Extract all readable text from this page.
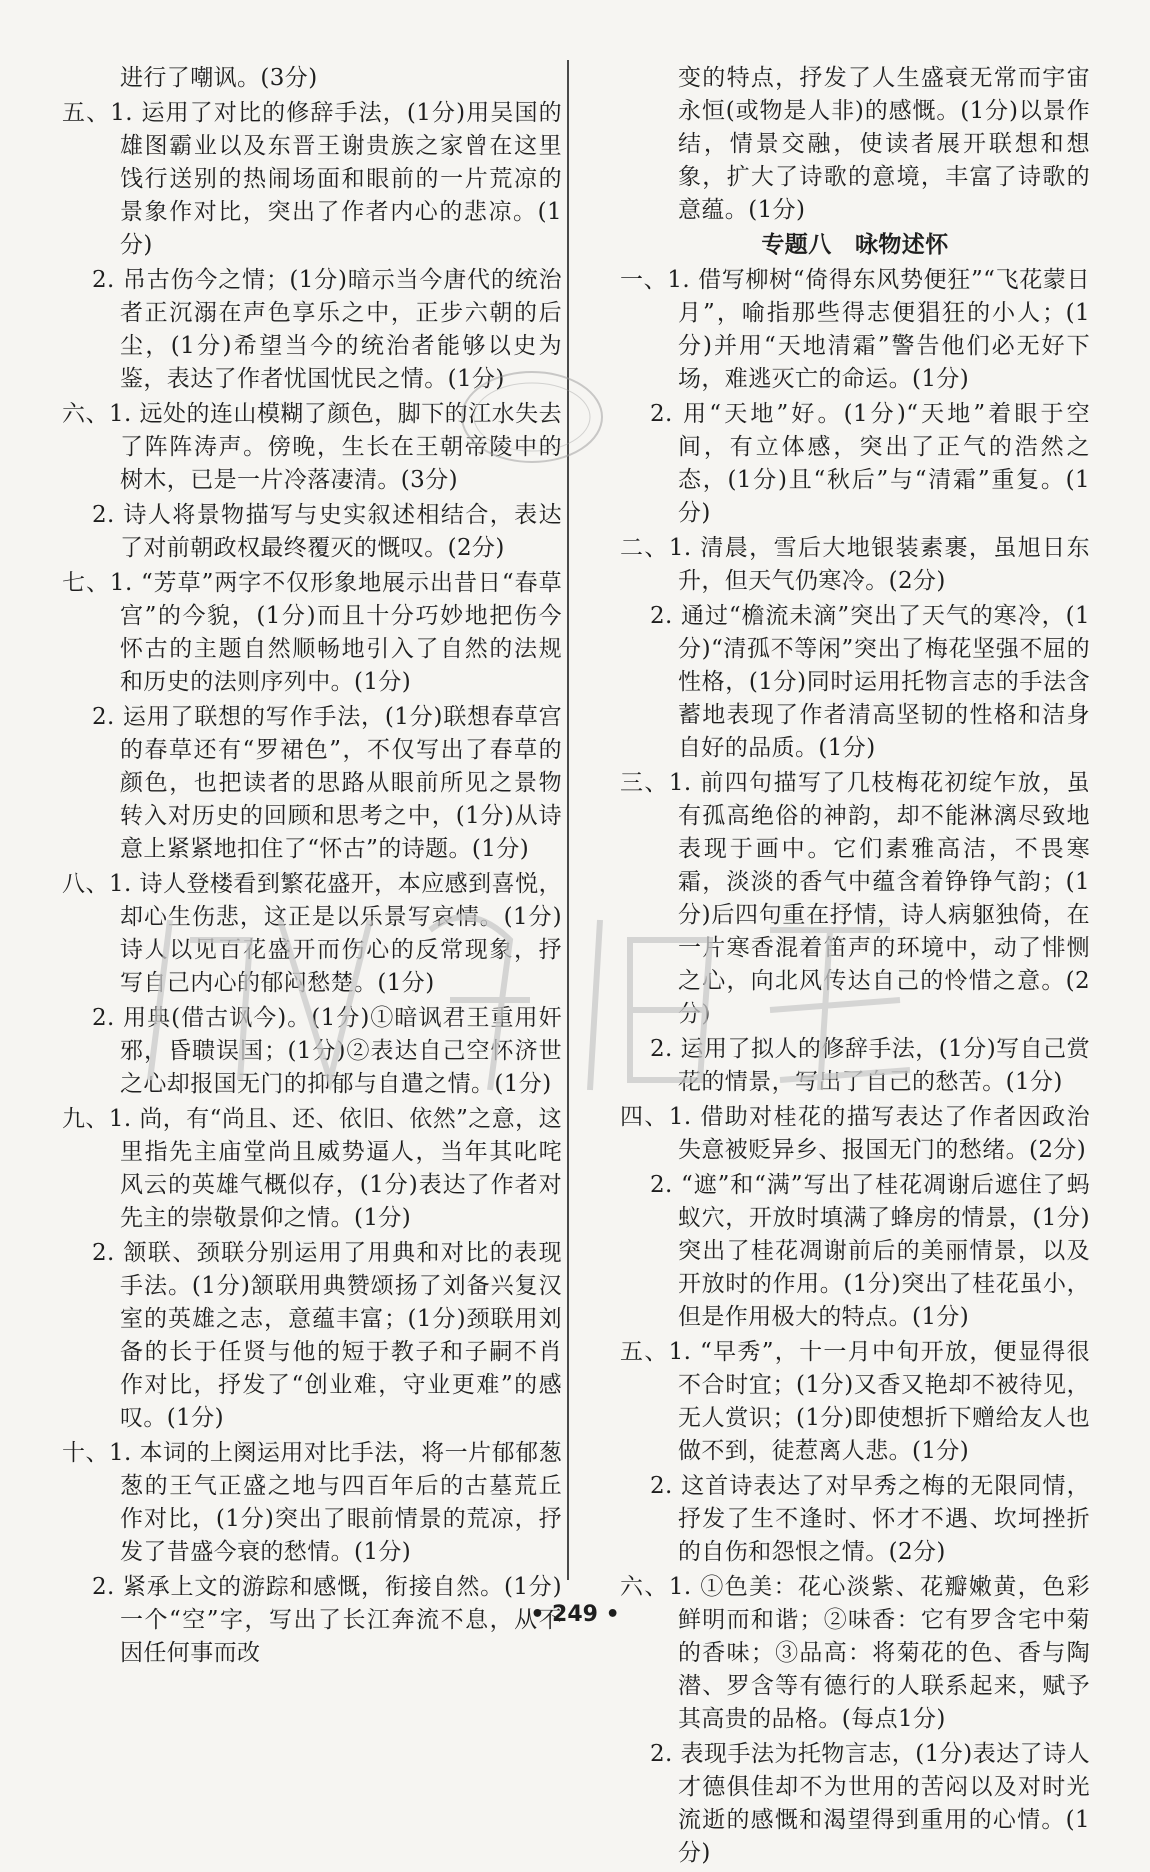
进行了嘲讽。(3分)
五、1. 运用了对比的修辞手法，(1分)用吴国的雄图霸业以及东晋王谢贵族之家曾在这里饯行送别的热闹场面和眼前的一片荒凉的景象作对比，突出了作者内心的悲凉。(1分)
2. 吊古伤今之情；(1分)暗示当今唐代的统治者正沉溺在声色享乐之中，正步六朝的后尘，(1分)希望当今的统治者能够以史为鉴，表达了作者忧国忧民之情。(1分)
六、1. 远处的连山模糊了颜色，脚下的江水失去了阵阵涛声。傍晚，生长在王朝帝陵中的树木，已是一片冷落凄清。(3分)
2. 诗人将景物描写与史实叙述相结合，表达了对前朝政权最终覆灭的慨叹。(2分)
七、1. “芳草”两字不仅形象地展示出昔日“春草宫”的今貌，(1分)而且十分巧妙地把伤今怀古的主题自然顺畅地引入了自然的法规和历史的法则序列中。(1分)
2. 运用了联想的写作手法，(1分)联想春草宫的春草还有“罗裙色”，不仅写出了春草的颜色，也把读者的思路从眼前所见之景物转入对历史的回顾和思考之中，(1分)从诗意上紧紧地扣住了“怀古”的诗题。(1分)
八、1. 诗人登楼看到繁花盛开，本应感到喜悦，却心生伤悲，这正是以乐景写哀情。(1分)诗人以见百花盛开而伤心的反常现象，抒写自己内心的郁闷愁楚。(1分)
2. 用典(借古讽今)。(1分)①暗讽君王重用奸邪，昏聩误国；(1分)②表达自己空怀济世之心却报国无门的抑郁与自遣之情。(1分)
九、1. 尚，有“尚且、还、依旧、依然”之意，这里指先主庙堂尚且威势逼人，当年其叱咤风云的英雄气概似存，(1分)表达了作者对先主的崇敬景仰之情。(1分)
2. 颔联、颈联分别运用了用典和对比的表现手法。(1分)颔联用典赞颂扬了刘备兴复汉室的英雄之志，意蕴丰富；(1分)颈联用刘备的长于任贤与他的短于教子和子嗣不肖作对比，抒发了“创业难，守业更难”的感叹。(1分)
十、1. 本词的上阕运用对比手法，将一片郁郁葱葱的王气正盛之地与四百年后的古墓荒丘作对比，(1分)突出了眼前情景的荒凉，抒发了昔盛今衰的愁情。(1分)
2. 紧承上文的游踪和感慨，衔接自然。(1分)一个“空”字，写出了长江奔流不息，从不因任何事而改
变的特点，抒发了人生盛衰无常而宇宙永恒(或物是人非)的感慨。(1分)以景作结，情景交融，使读者展开联想和想象，扩大了诗歌的意境，丰富了诗歌的意蕴。(1分)
专题八　咏物述怀
一、1. 借写柳树“倚得东风势便狂”“飞花蒙日月”，喻指那些得志便猖狂的小人；(1分)并用“天地清霜”警告他们必无好下场，难逃灭亡的命运。(1分)
2. 用“天地”好。(1分)“天地”着眼于空间，有立体感，突出了正气的浩然之态，(1分)且“秋后”与“清霜”重复。(1分)
二、1. 清晨，雪后大地银装素裹，虽旭日东升，但天气仍寒冷。(2分)
2. 通过“檐流未滴”突出了天气的寒冷，(1分)“清孤不等闲”突出了梅花坚强不屈的性格，(1分)同时运用托物言志的手法含蓄地表现了作者清高坚韧的性格和洁身自好的品质。(1分)
三、1. 前四句描写了几枝梅花初绽乍放，虽有孤高绝俗的神韵，却不能淋漓尽致地表现于画中。它们素雅高洁，不畏寒霜，淡淡的香气中蕴含着铮铮气韵；(1分)后四句重在抒情，诗人病躯独倚，在一片寒香混着笛声的环境中，动了悱恻之心，向北风传达自己的怜惜之意。(2分)
2. 运用了拟人的修辞手法，(1分)写自己赏花的情景，写出了自己的愁苦。(1分)
四、1. 借助对桂花的描写表达了作者因政治失意被贬异乡、报国无门的愁绪。(2分)
2. “遮”和“满”写出了桂花凋谢后遮住了蚂蚁穴，开放时填满了蜂房的情景，(1分)突出了桂花凋谢前后的美丽情景，以及开放时的作用。(1分)突出了桂花虽小，但是作用极大的特点。(1分)
五、1. “早秀”，十一月中旬开放，便显得很不合时宜；(1分)又香又艳却不被待见，无人赏识；(1分)即使想折下赠给友人也做不到，徒惹离人悲。(1分)
2. 这首诗表达了对早秀之梅的无限同情，抒发了生不逢时、怀才不遇、坎坷挫折的自伤和怨恨之情。(2分)
六、1. ①色美：花心淡紫、花瓣嫩黄，色彩鲜明而和谐；②味香：它有罗含宅中菊的香味；③品高：将菊花的色、香与陶潜、罗含等有德行的人联系起来，赋予其高贵的品格。(每点1分)
2. 表现手法为托物言志，(1分)表达了诗人才德俱佳却不为世用的苦闷以及对时光流逝的感慨和渴望得到重用的心情。(1分)
• 249 •
